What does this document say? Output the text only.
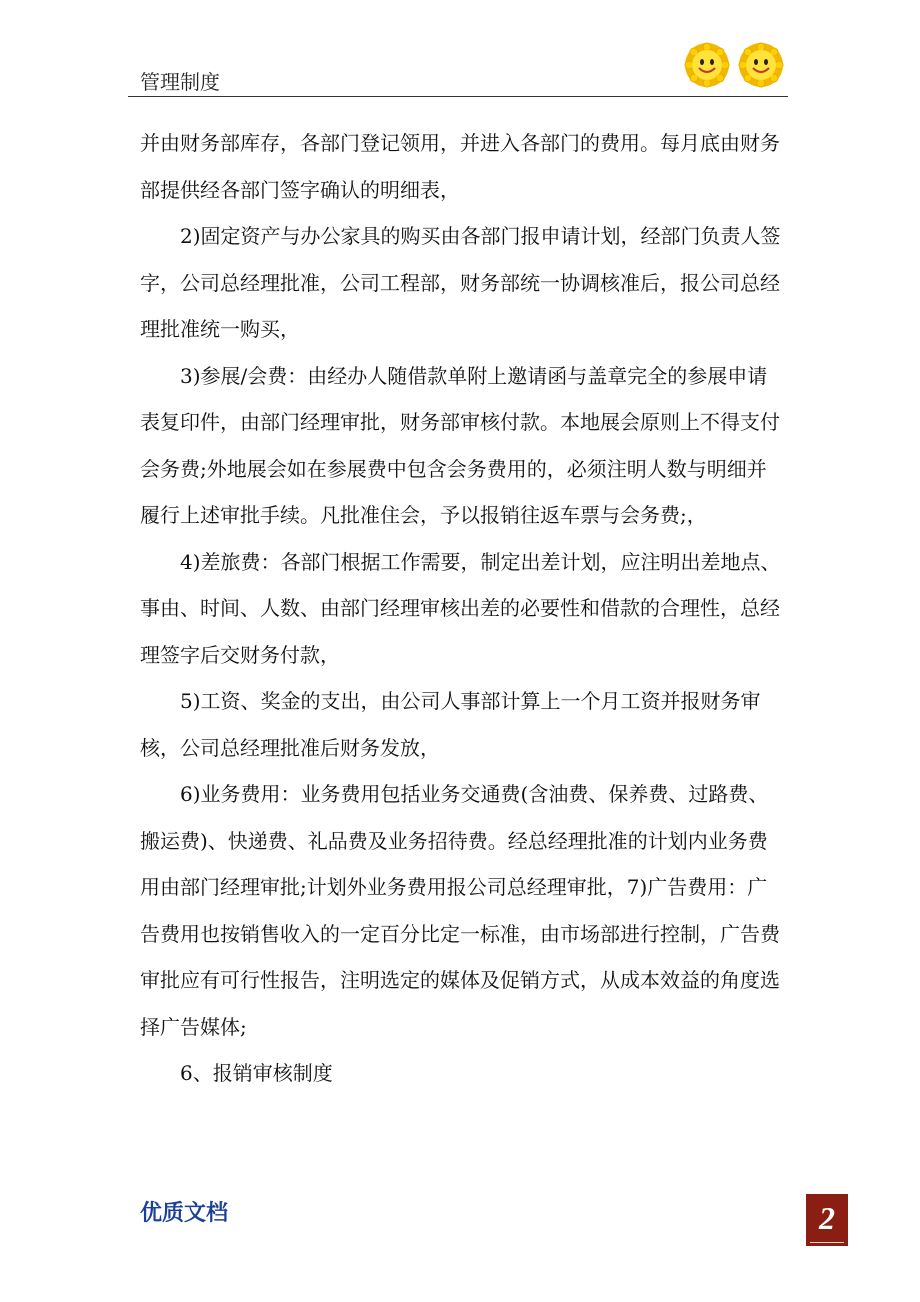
管理制度

并由财务部库存，各部门登记领用，并进入各部门的费用。每月底由财务部提供经各部门签字确认的明细表，

2)固定资产与办公家具的购买由各部门报申请计划，经部门负责人签字，公司总经理批准，公司工程部，财务部统一协调核准后，报公司总经理批准统一购买，

3)参展/会费：由经办人随借款单附上邀请函与盖章完全的参展申请表复印件，由部门经理审批，财务部审核付款。本地展会原则上不得支付会务费;外地展会如在参展费中包含会务费用的，必须注明人数与明细并履行上述审批手续。凡批准住会，予以报销往返车票与会务费;，

4)差旅费：各部门根据工作需要，制定出差计划，应注明出差地点、事由、时间、人数、由部门经理审核出差的必要性和借款的合理性，总经理签字后交财务付款，

5)工资、奖金的支出，由公司人事部计算上一个月工资并报财务审核，公司总经理批准后财务发放，

6)业务费用：业务费用包括业务交通费(含油费、保养费、过路费、搬运费)、快递费、礼品费及业务招待费。经总经理批准的计划内业务费用由部门经理审批;计划外业务费用报公司总经理审批，7)广告费用：广告费用也按销售收入的一定百分比定一标准，由市场部进行控制，广告费审批应有可行性报告，注明选定的媒体及促销方式，从成本效益的角度选择广告媒体;

6、报销审核制度

优质文档	2
